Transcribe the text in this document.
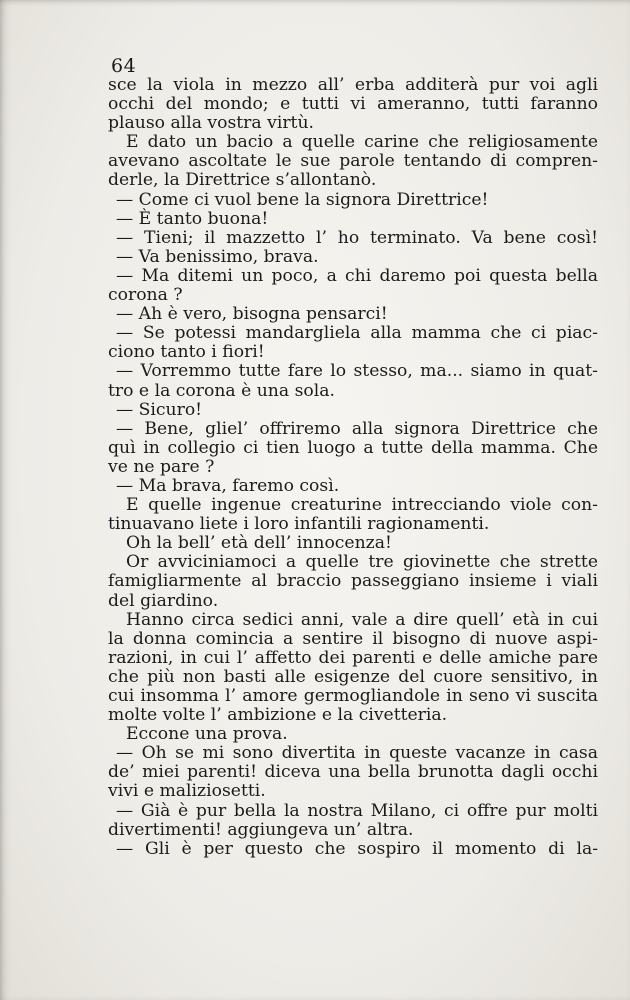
64
sce la viola in mezzo all’ erba additerà pur voi agli
occhi del mondo; e tutti vi ameranno, tutti faranno
plauso alla vostra virtù.
E dato un bacio a quelle carine che religiosamente
avevano ascoltate le sue parole tentando di compren-
derle, la Direttrice s’allontanò.
— Come ci vuol bene la signora Direttrice!
— È tanto buona!
— Tieni; il mazzetto l’ ho terminato. Va bene così!
— Va benissimo, brava.
— Ma ditemi un poco, a chi daremo poi questa bella
corona ?
— Ah è vero, bisogna pensarci!
— Se potessi mandargliela alla mamma che ci piac-
ciono tanto i fiori!
— Vorremmo tutte fare lo stesso, ma... siamo in quat-
tro e la corona è una sola.
— Sicuro!
— Bene, gliel’ offriremo alla signora Direttrice che
quì in collegio ci tien luogo a tutte della mamma. Che
ve ne pare ?
— Ma brava, faremo così.
E quelle ingenue creaturine intrecciando viole con-
tinuavano liete i loro infantili ragionamenti.
Oh la bell’ età dell’ innocenza!
Or avviciniamoci a quelle tre giovinette che strette
famigliarmente al braccio passeggiano insieme i viali
del giardino.
Hanno circa sedici anni, vale a dire quell’ età in cui
la donna comincia a sentire il bisogno di nuove aspi-
razioni, in cui l’ affetto dei parenti e delle amiche pare
che più non basti alle esigenze del cuore sensitivo, in
cui insomma l’ amore germogliandole in seno vi suscita
molte volte l’ ambizione e la civetteria.
Eccone una prova.
— Oh se mi sono divertita in queste vacanze in casa
de’ miei parenti! diceva una bella brunotta dagli occhi
vivi e maliziosetti.
— Già è pur bella la nostra Milano, ci offre pur molti
divertimenti! aggiungeva un’ altra.
— Gli è per questo che sospiro il momento di la-
